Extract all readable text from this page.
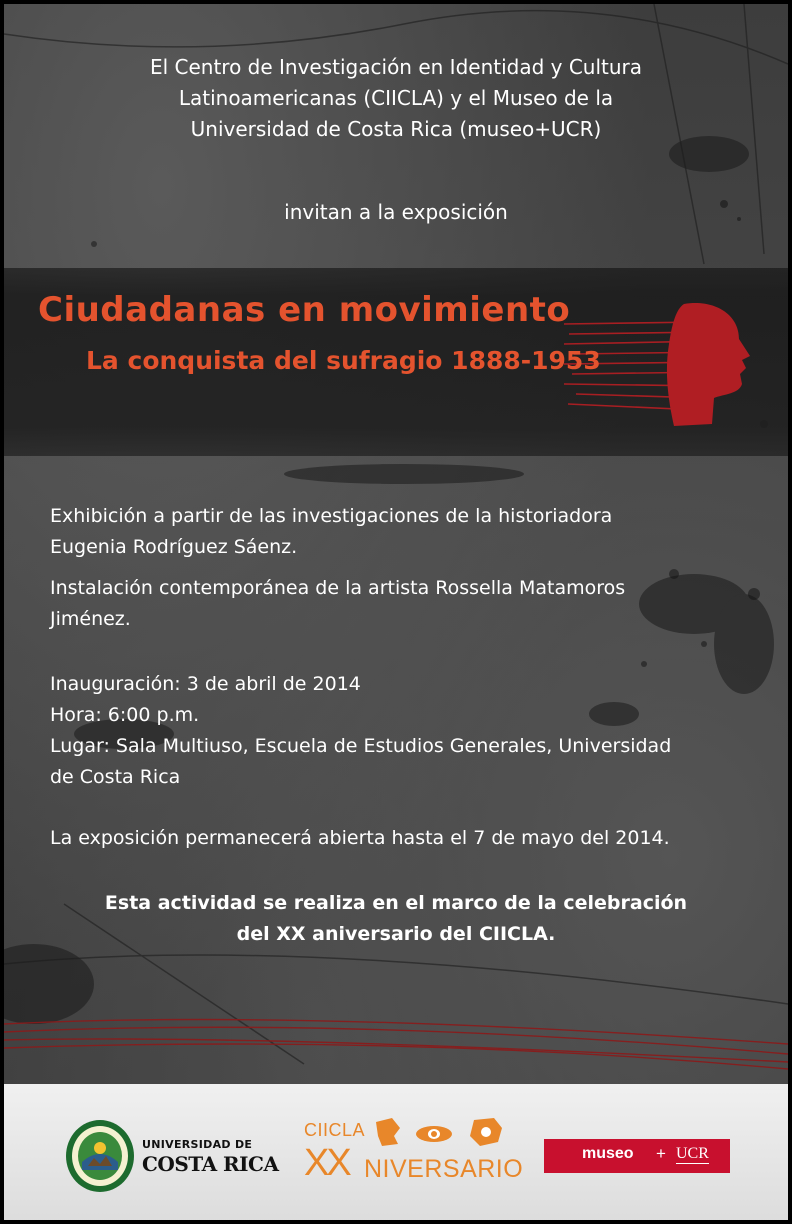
El Centro de Investigación en Identidad y Cultura

Latinoamericanas (CIICLA) y el Museo de la

Universidad de Costa Rica (museo+UCR)

invitan a la exposición
Ciudadanas en movimiento
La conquista del sufragio 1888-1953

Exhibición a partir de las investigaciones de la historiadora

Eugenia Rodríguez Sáenz.

Instalación contemporánea de la artista Rossella Matamoros

Jiménez.

Inauguración: 3 de abril de 2014

Hora: 6:00 p.m.

Lugar: Sala Multiuso, Escuela de Estudios Generales, Universidad

de Costa Rica

La exposición permanecerá abierta hasta el 7 de mayo del 2014.

Esta actividad se realiza en el marco de la celebración

del XX aniversario del CIICLA.

UNIVERSIDAD DE
COSTA RICA
CIICLA
XX NIVERSARIO
museo + UCR
